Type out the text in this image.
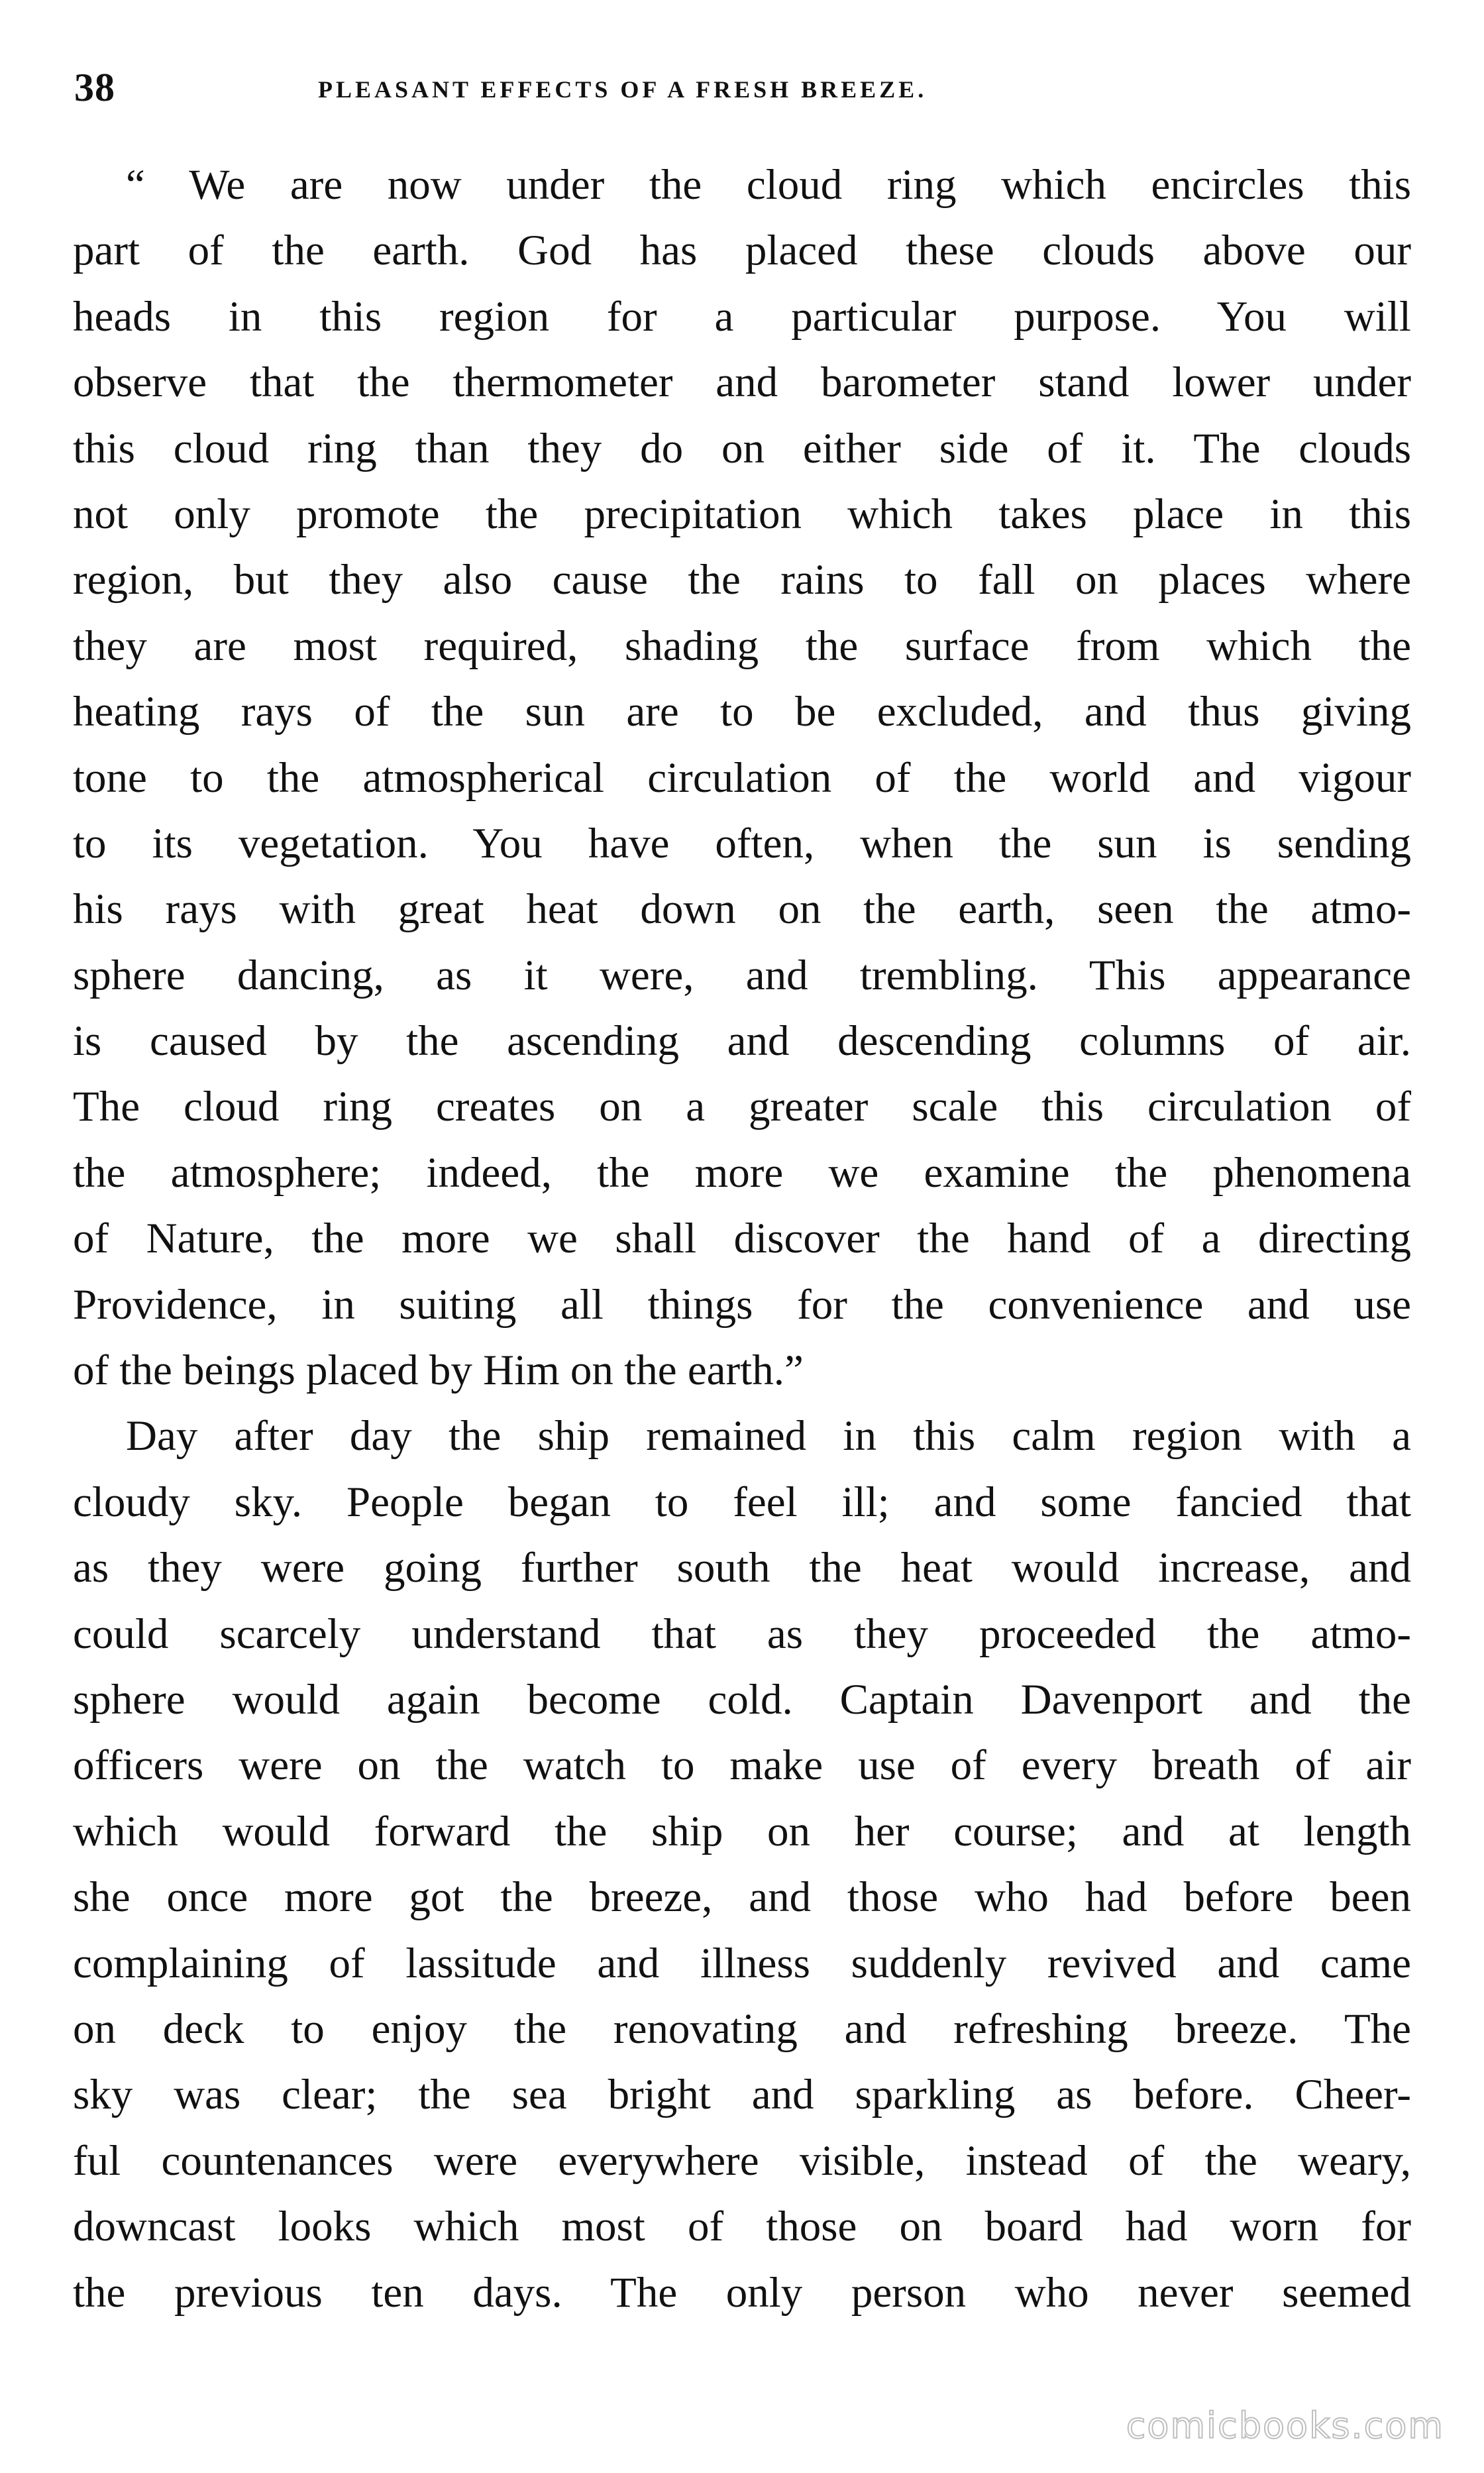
38	PLEASANT EFFECTS OF A FRESH BREEZE.
“ We are now under the cloud ring which encircles this
part of the earth. God has placed these clouds above our
heads in this region for a particular purpose. You will
observe that the thermometer and barometer stand lower under
this cloud ring than they do on either side of it. The clouds
not only promote the precipitation which takes place in this
region, but they also cause the rains to fall on places where
they are most required, shading the surface from which the
heating rays of the sun are to be excluded, and thus giving
tone to the atmospherical circulation of the world and vigour
to its vegetation. You have often, when the sun is sending
his rays with great heat down on the earth, seen the atmo-
sphere dancing, as it were, and trembling. This appearance
is caused by the ascending and descending columns of air.
The cloud ring creates on a greater scale this circulation of
the atmosphere; indeed, the more we examine the phenomena
of Nature, the more we shall discover the hand of a directing
Providence, in suiting all things for the convenience and use
of the beings placed by Him on the earth.”
Day after day the ship remained in this calm region with a
cloudy sky. People began to feel ill; and some fancied that
as they were going further south the heat would increase, and
could scarcely understand that as they proceeded the atmo-
sphere would again become cold. Captain Davenport and the
officers were on the watch to make use of every breath of air
which would forward the ship on her course; and at length
she once more got the breeze, and those who had before been
complaining of lassitude and illness suddenly revived and came
on deck to enjoy the renovating and refreshing breeze. The
sky was clear; the sea bright and sparkling as before. Cheer-
ful countenances were everywhere visible, instead of the weary,
downcast looks which most of those on board had worn for
the previous ten days. The only person who never seemed
comicbooks.com
